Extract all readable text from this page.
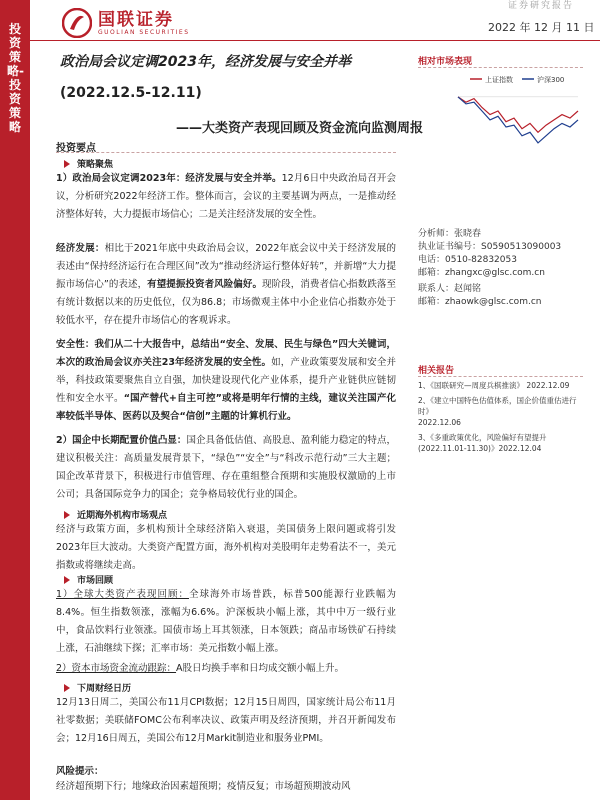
投资策略-投资策略
国联证券
GUOLIAN SECURITIES
证券研究报告
2022 年 12 月 11 日
政治局会议定调2023年，经济发展与安全并举
(2022.12.5-12.11)
——大类资产表现回顾及资金流向监测周报
投资要点
策略聚焦
1）政治局会议定调2023年：经济发展与安全并举。12月6日中央政治局召开会议，分析研究2022年经济工作。整体而言，会议的主要基调为两点，一是推动经济整体好转，大力提振市场信心；二是关注经济发展的安全性。
经济发展：相比于2021年底中央政治局会议，2022年底会议中关于经济发展的表述由“保持经济运行在合理区间”改为“推动经济运行整体好转”，并新增“大力提振市场信心”的表述，有望提振投资者风险偏好。现阶段，消费者信心指数跌落至有统计数据以来的历史低位，仅为86.8；市场微观主体中小企业信心指数亦处于较低水平，存在提升市场信心的客观诉求。
安全性：我们从二十大报告中，总结出“安全、发展、民生与绿色”四大关键词，本次的政治局会议亦关注23年经济发展的安全性。如，产业政策要发展和安全并举，科技政策要聚焦自立自强，加快建设现代化产业体系，提升产业链供应链韧性和安全水平。“国产替代+自主可控”或将是明年行情的主线，建议关注国产化率较低半导体、医药以及契合“信创”主题的计算机行业。
2）国企中长期配置价值凸显：国企具备低估值、高股息、盈利能力稳定的特点，建议积极关注：高质量发展背景下，“绿色”“安全”与“科改示范行动”三大主题；国企改革背景下，积极进行市值管理、存在重组整合预期和实施股权激励的上市公司；具备国际竞争力的国企；竞争格局较优行业的国企。
近期海外机构市场观点
经济与政策方面，多机构预计全球经济陷入衰退，美国债务上限问题或将引发2023年巨大波动。大类资产配置方面，海外机构对美股明年走势看法不一，美元指数或将继续走高。
市场回顾
1）全球大类资产表现回顾：全球海外市场普跌，标普500能源行业跌幅为8.4%。恒生指数领涨，涨幅为6.6%。沪深板块小幅上涨，其中中万一级行业中，食品饮料行业领涨。国债市场上耳其领涨，日本领跌；商品市场铁矿石持续上涨，石油继续下探；汇率市场：美元指数小幅上涨。
2）资本市场资金流动跟踪：A股日均换手率和日均成交额小幅上升。
下周财经日历
12月13日周二，美国公布11月CPI数据；12月15日周四，国家统计局公布11月社零数据；美联储FOMC公布利率决议、政策声明及经济预期，并召开新闻发布会；12月16日周五，美国公布12月Markit制造业和服务业PMI。
风险提示：
经济超预期下行；地缘政治因素超预期；疫情反复；市场超预期波动风
相对市场表现
上证指数	沪深300
分析师：张晓春
执业证书编号：S0590513090003
电话：0510-82832053
邮箱：zhangxc@glsc.com.cn
联系人：赵闻铭
邮箱：zhaowk@glsc.com.cn
相关报告
1、《国联研究—周度兵棋推演》 2022.12.09
2、《建立中国特色估值体系，国企价值重估进行时》
2022.12.06
3、《多重政策优化，风险偏好有望提升
(2022.11.01-11.30)》2022.12.04
